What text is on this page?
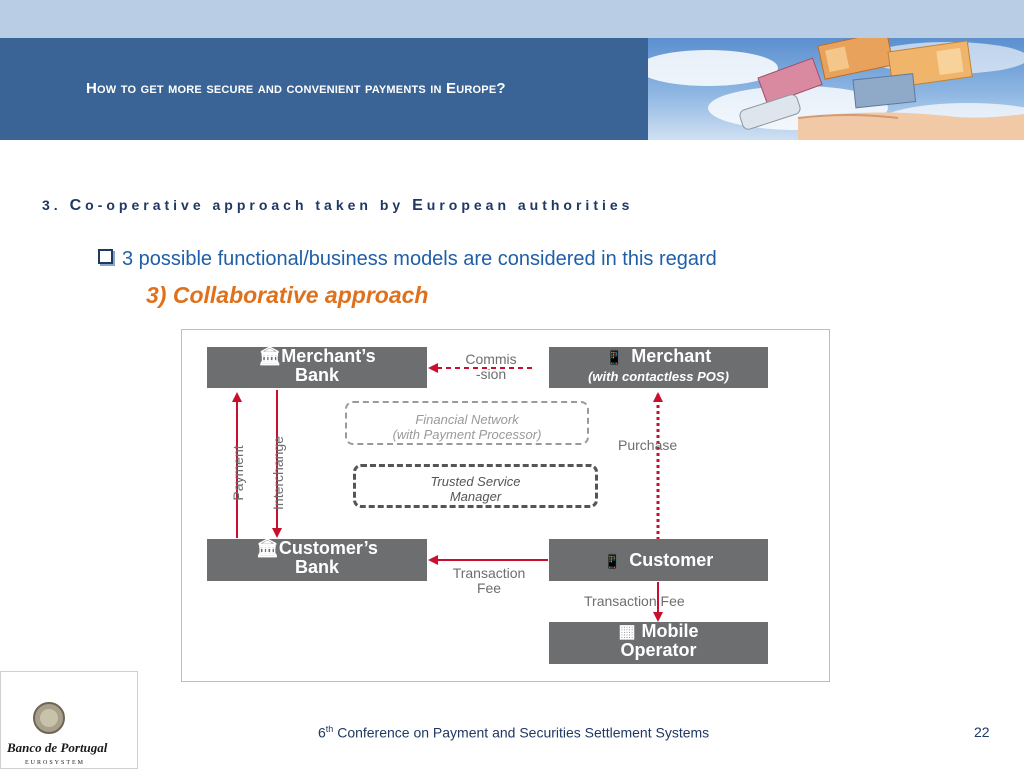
How to get more secure and convenient payments in Europe?
3. Co-operative approach taken by European authorities
3 possible functional/business models are considered in this regard
3) Collaborative approach
🏛Merchant’s
Bank
📱 Merchant
(with contactless POS)
Commis
-sion
Financial Network
(with Payment Processor)
Trusted Service
Manager
Purchase
Payment Interchange
🏛Customer’s
Bank	📱 Customer
Transaction
Fee
Transaction Fee
▦ Mobile
Operator
Banco de Portugal
EUROSYSTEM
6th Conference on Payment and Securities Settlement Systems	22
